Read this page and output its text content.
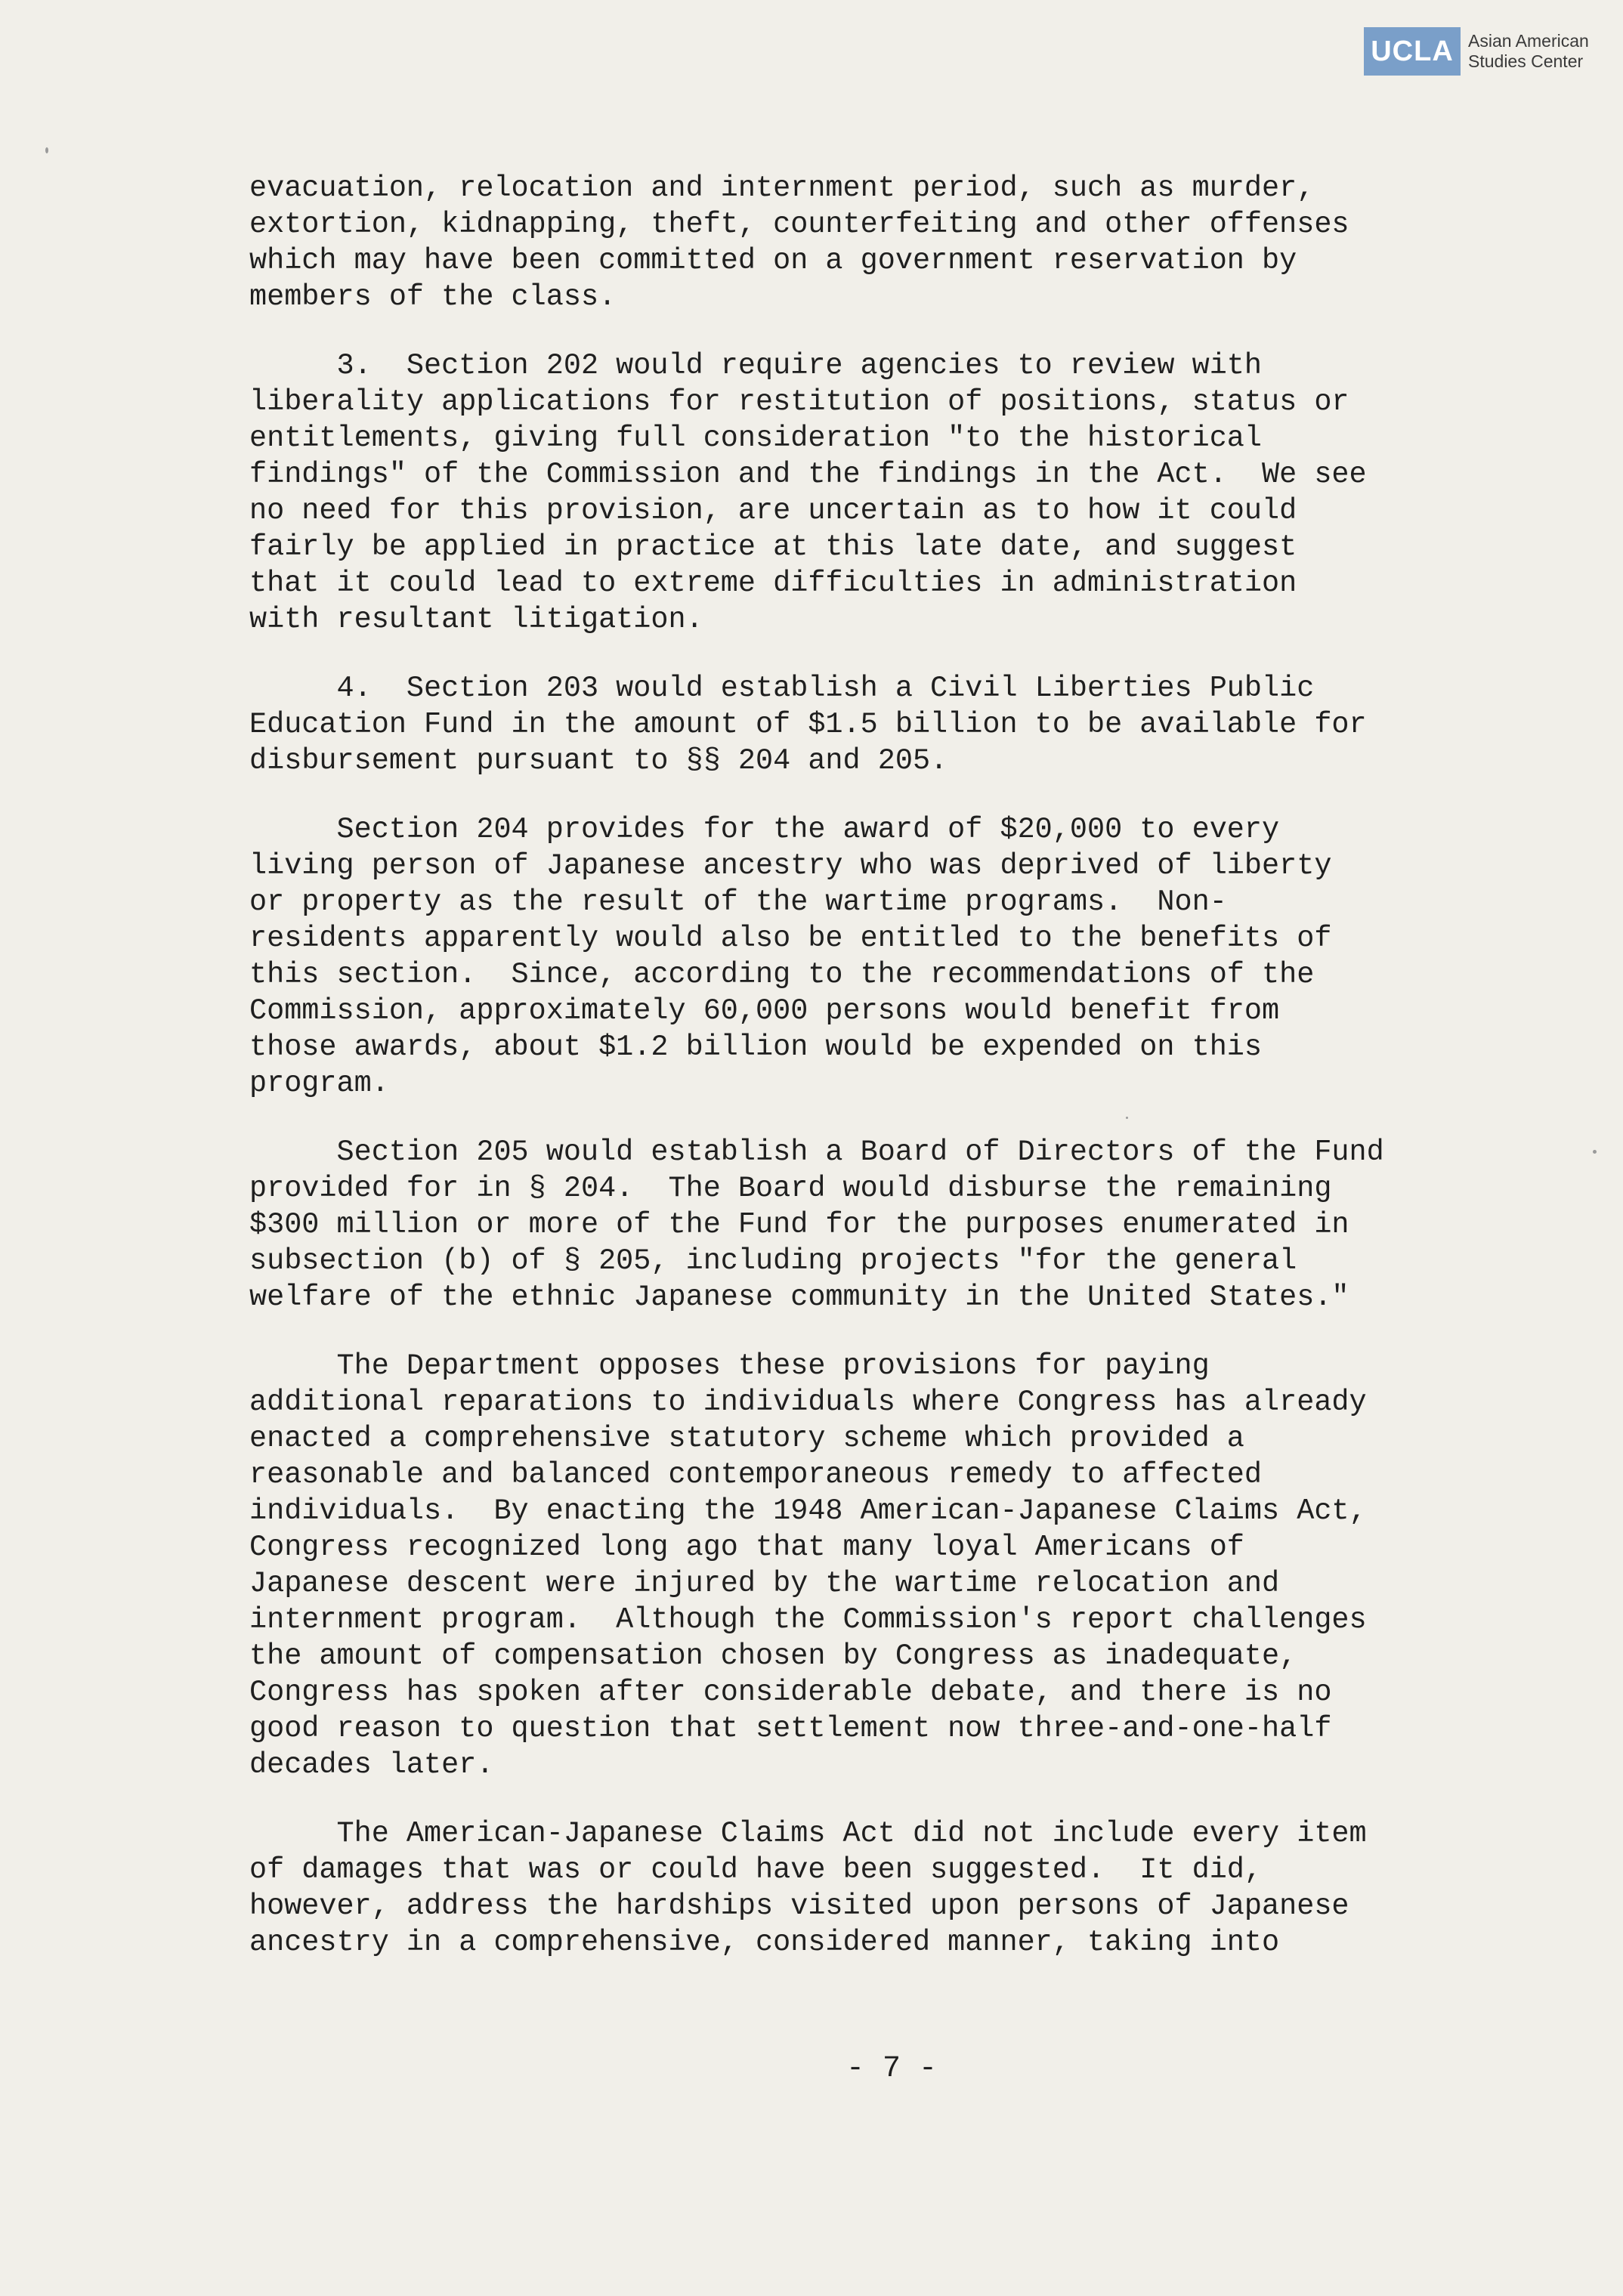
UCLA Asian American
Studies Center

evacuation, relocation and internment period, such as murder,
extortion, kidnapping, theft, counterfeiting and other offenses
which may have been committed on a government reservation by
members of the class.

3.  Section 202 would require agencies to review with
liberality applications for restitution of positions, status or
entitlements, giving full consideration "to the historical
findings" of the Commission and the findings in the Act.  We see
no need for this provision, are uncertain as to how it could
fairly be applied in practice at this late date, and suggest
that it could lead to extreme difficulties in administration
with resultant litigation.

4.  Section 203 would establish a Civil Liberties Public
Education Fund in the amount of $1.5 billion to be available for
disbursement pursuant to §§ 204 and 205.

Section 204 provides for the award of $20,000 to every
living person of Japanese ancestry who was deprived of liberty
or property as the result of the wartime programs.  Non-
residents apparently would also be entitled to the benefits of
this section.  Since, according to the recommendations of the
Commission, approximately 60,000 persons would benefit from
those awards, about $1.2 billion would be expended on this
program.

Section 205 would establish a Board of Directors of the Fund
provided for in § 204.  The Board would disburse the remaining
$300 million or more of the Fund for the purposes enumerated in
subsection (b) of § 205, including projects "for the general
welfare of the ethnic Japanese community in the United States."

The Department opposes these provisions for paying
additional reparations to individuals where Congress has already
enacted a comprehensive statutory scheme which provided a
reasonable and balanced contemporaneous remedy to affected
individuals.  By enacting the 1948 American-Japanese Claims Act,
Congress recognized long ago that many loyal Americans of
Japanese descent were injured by the wartime relocation and
internment program.  Although the Commission's report challenges
the amount of compensation chosen by Congress as inadequate,
Congress has spoken after considerable debate, and there is no
good reason to question that settlement now three-and-one-half
decades later.

The American-Japanese Claims Act did not include every item
of damages that was or could have been suggested.  It did,
however, address the hardships visited upon persons of Japanese
ancestry in a comprehensive, considered manner, taking into

- 7 -
